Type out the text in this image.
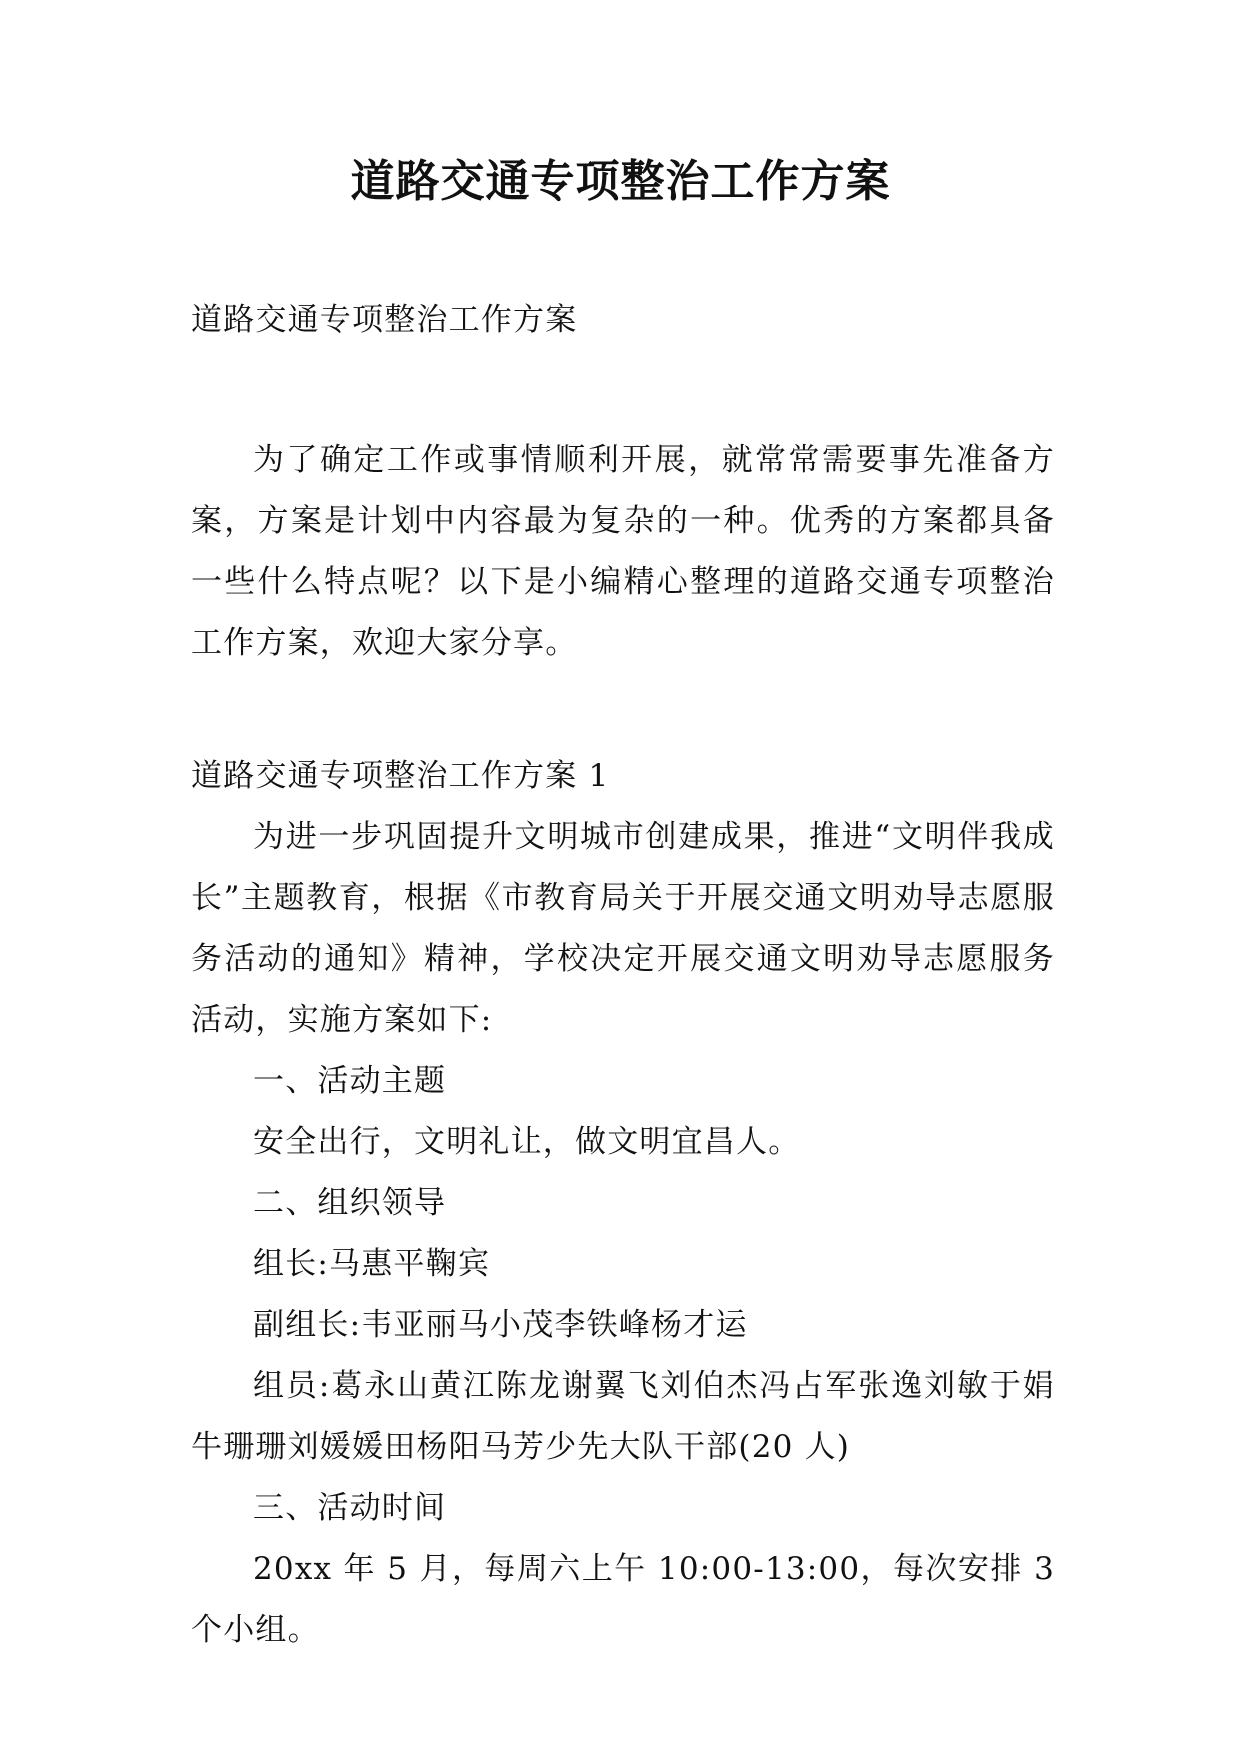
道路交通专项整治工作方案

道路交通专项整治工作方案

为了确定工作或事情顺利开展，就常常需要事先准备方案，方案是计划中内容最为复杂的一种。优秀的方案都具备一些什么特点呢？以下是小编精心整理的道路交通专项整治工作方案，欢迎大家分享。

道路交通专项整治工作方案 1

为进一步巩固提升文明城市创建成果，推进“文明伴我成长”主题教育，根据《市教育局关于开展交通文明劝导志愿服务活动的通知》精神，学校决定开展交通文明劝导志愿服务活动，实施方案如下:

一、活动主题

安全出行，文明礼让，做文明宜昌人。

二、组织领导

组长:马惠平鞠宾

副组长:韦亚丽马小茂李铁峰杨才运

组员:葛永山黄江陈龙谢翼飞刘伯杰冯占军张逸刘敏于娟牛珊珊刘媛媛田杨阳马芳少先大队干部(20 人)

三、活动时间

20xx 年 5 月，每周六上午 10:00-13:00，每次安排 3 个小组。
